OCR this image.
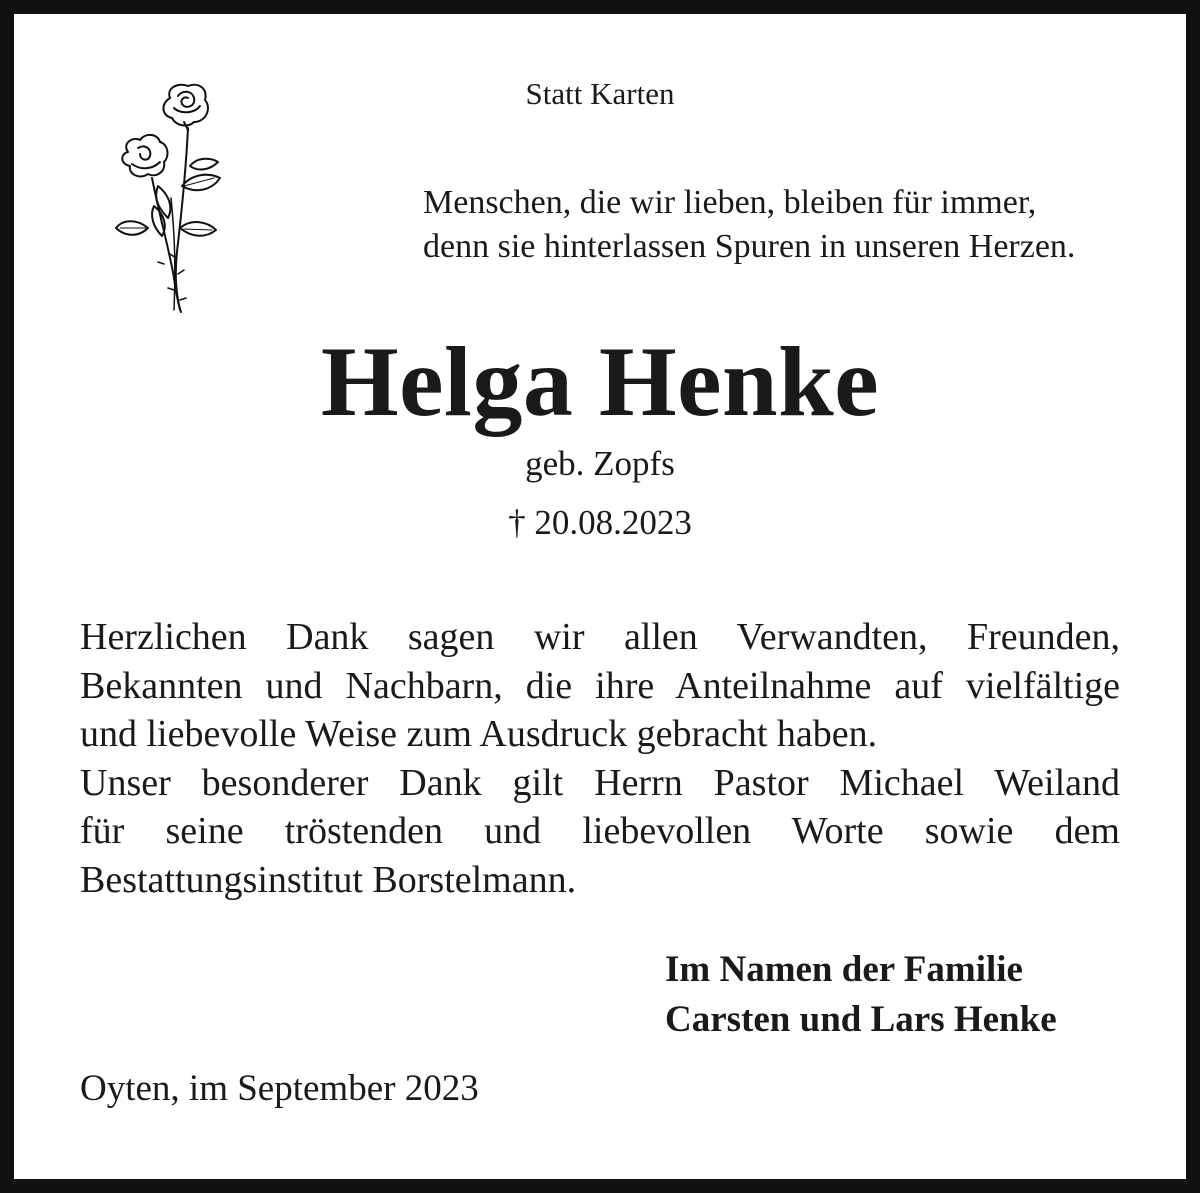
Statt Karten
Menschen, die wir lieben, bleiben für immer,
denn sie hinterlassen Spuren in unseren Herzen.
Helga Henke
geb. Zopfs
† 20.08.2023
Herzlichen Dank sagen wir allen Verwandten, Freunden,
Bekannten und Nachbarn, die ihre Anteilnahme auf vielfältige
und liebevolle Weise zum Ausdruck gebracht haben.
Unser besonderer Dank gilt Herrn Pastor Michael Weiland
für seine tröstenden und liebevollen Worte sowie dem
Bestattungsinstitut Borstelmann.
Im Namen der Familie
Carsten und Lars Henke
Oyten, im September 2023
